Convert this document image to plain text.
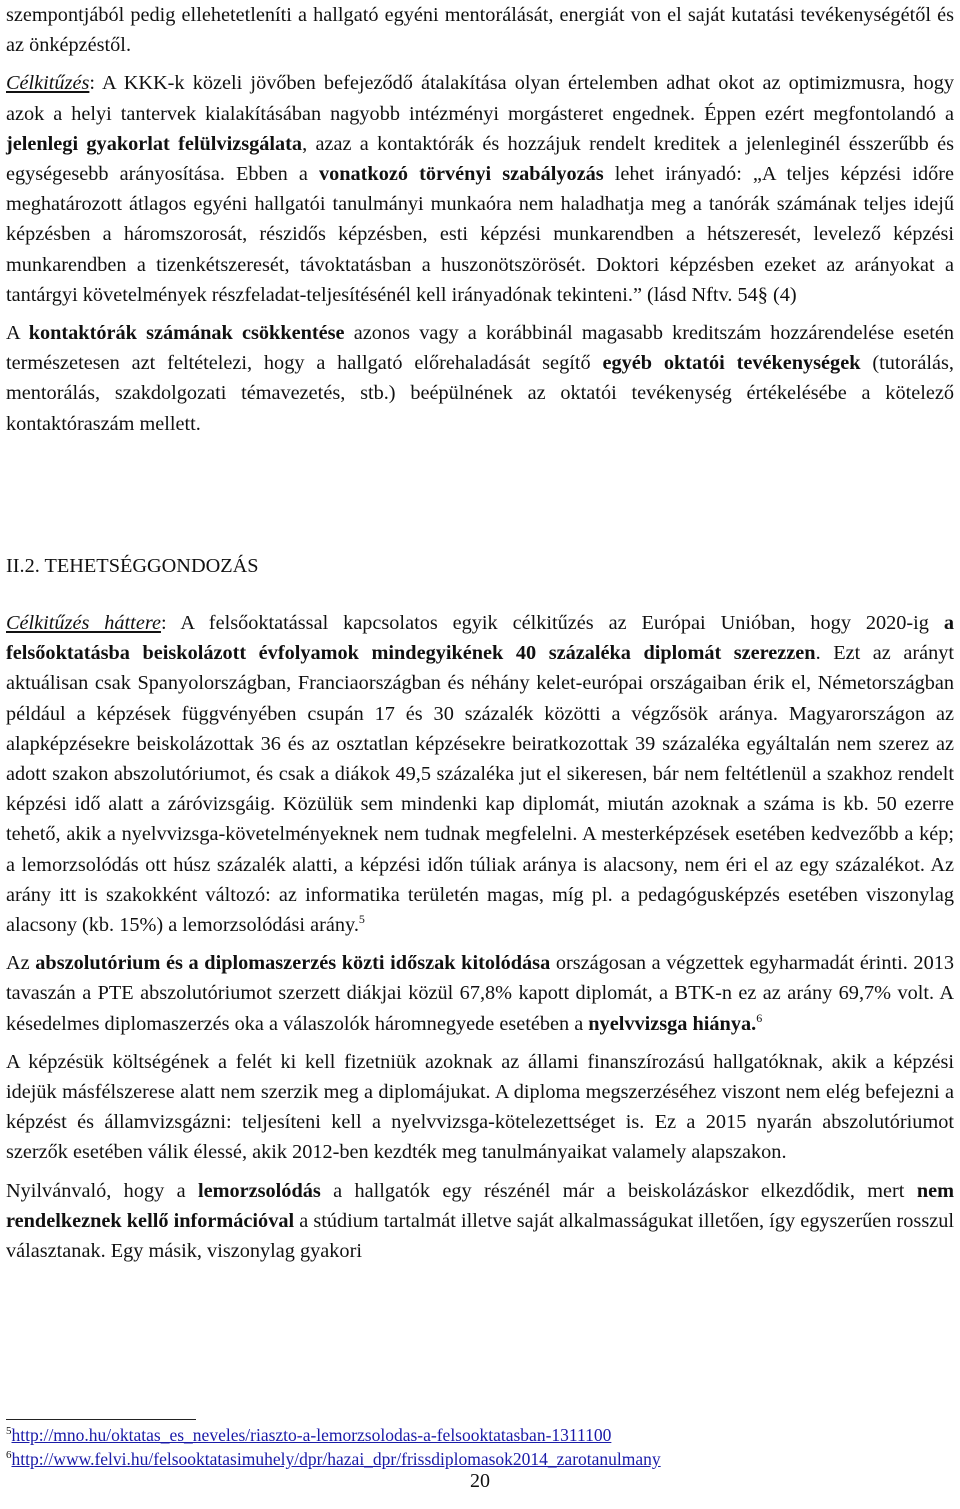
szempontjából pedig ellehetetleníti a hallgató egyéni mentorálását, energiát von el saját kutatási tevékenységétől és az önképzéstől.

Célkitűzés: A KKK-k közeli jövőben befejeződő átalakítása olyan értelemben adhat okot az optimizmusra, hogy azok a helyi tantervek kialakításában nagyobb intézményi morgásteret engednek. Éppen ezért megfontolandó a jelenlegi gyakorlat felülvizsgálata, azaz a kontaktórák és hozzájuk rendelt kreditek a jelenleginél ésszerűbb és egységesebb arányosítása. Ebben a vonatkozó törvényi szabályozás lehet irányadó: „A teljes képzési időre meghatározott átlagos egyéni hallgatói tanulmányi munkaóra nem haladhatja meg a tanórák számának teljes idejű képzésben a háromszorosát, részidős képzésben, esti képzési munkarendben a hétszeresét, levelező képzési munkarendben a tizenkétszeresét, távoktatásban a huszonötszörösét. Doktori képzésben ezeket az arányokat a tantárgyi követelmények részfeladat-teljesítésénél kell irányadónak tekinteni.” (lásd Nftv. 54§ (4)

A kontaktórák számának csökkentése azonos vagy a korábbinál magasabb kreditszám hozzárendelése esetén természetesen azt feltételezi, hogy a hallgató előrehaladását segítő egyéb oktatói tevékenységek (tutorálás, mentorálás, szakdolgozati témavezetés, stb.) beépülnének az oktatói tevékenység értékelésébe a kötelező kontaktóraszám mellett.

II.2. TEHETSÉGGONDOZÁS

Célkitűzés háttere: A felsőoktatással kapcsolatos egyik célkitűzés az Európai Unióban, hogy 2020-ig a felsőoktatásba beiskolázott évfolyamok mindegyikének 40 százaléka diplomát szerezzen. Ezt az arányt aktuálisan csak Spanyolországban, Franciaországban és néhány kelet-európai országaiban érik el, Németországban például a képzések függvényében csupán 17 és 30 százalék közötti a végzősök aránya. Magyarországon az alapképzésekre beiskolázottak 36 és az osztatlan képzésekre beiratkozottak 39 százaléka egyáltalán nem szerez az adott szakon abszolutóriumot, és csak a diákok 49,5 százaléka jut el sikeresen, bár nem feltétlenül a szakhoz rendelt képzési idő alatt a záróvizsgáig. Közülük sem mindenki kap diplomát, miután azoknak a száma is kb. 50 ezerre tehető, akik a nyelvvizsga-követelményeknek nem tudnak megfelelni. A mesterképzések esetében kedvezőbb a kép; a lemorzsolódás ott húsz százalék alatti, a képzési időn túliak aránya is alacsony, nem éri el az egy százalékot. Az arány itt is szakokként változó: az informatika területén magas, míg pl. a pedagógusképzés esetében viszonylag alacsony (kb. 15%) a lemorzsolódási arány.$^5$

Az abszolutórium és a diplomaszerzés közti időszak kitolódása országosan a végzettek egyharmadát érinti. 2013 tavaszán a PTE abszolutóriumot szerzett diákjai közül 67,8% kapott diplomát, a BTK-n ez az arány 69,7% volt. A késedelmes diplomaszerzés oka a válaszolók háromnegyede esetében a nyelvvizsga hiánya.$^6$

A képzésük költségének a felét ki kell fizetniük azoknak az állami finanszírozású hallgatóknak, akik a képzési idejük másfélszerese alatt nem szerzik meg a diplomájukat. A diploma megszerzéséhez viszont nem elég befejezni a képzést és államvizsgázni: teljesíteni kell a nyelvvizsga-kötelezettséget is. Ez a 2015 nyarán abszolutóriumot szerzők esetében válik élessé, akik 2012-ben kezdték meg tanulmányaikat valamely alapszakon.

Nyilvánvaló, hogy a lemorzsolódás a hallgatók egy részénél már a beiskolázáskor elkezdődik, mert nem rendelkeznek kellő információval a stúdium tartalmát illetve saját alkalmasságukat illetően, így egyszerűen rosszul választanak. Egy másik, viszonylag gyakori

$^5$http://mno.hu/oktatas_es_neveles/riaszto-a-lemorzsolodas-a-felsooktatasban-1311100

$^6$http://www.felvi.hu/felsooktatasimuhely/dpr/hazai_dpr/frissdiplomasok2014_zarotanulmany

20
